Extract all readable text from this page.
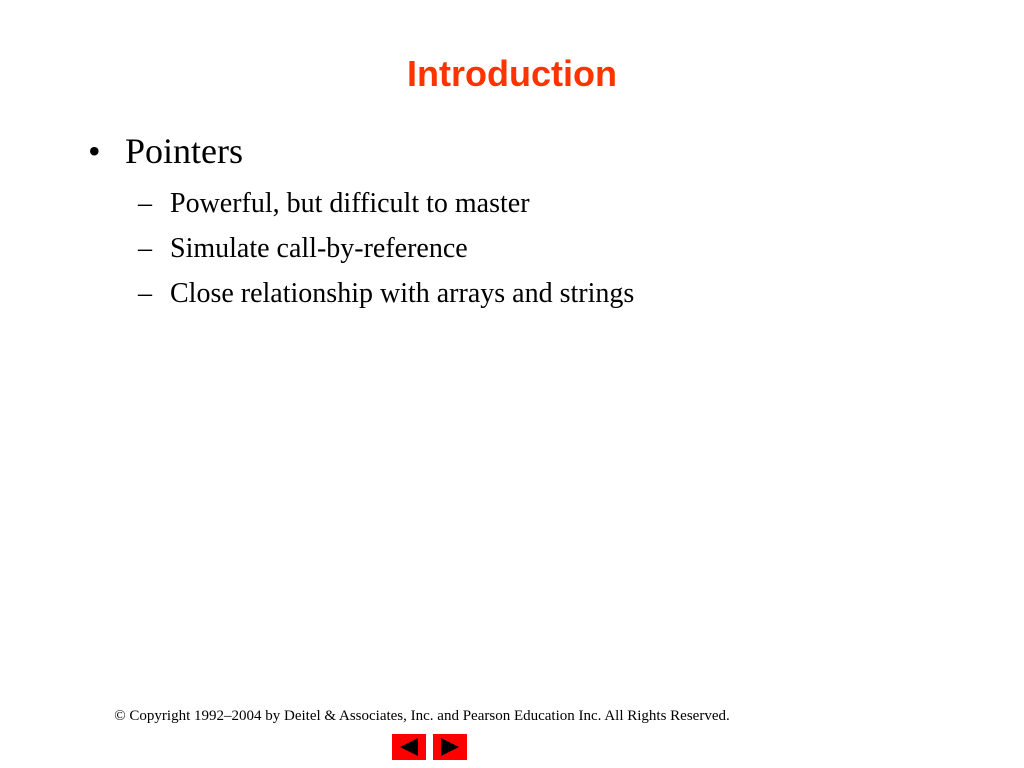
Introduction
• Pointers
– Powerful, but difficult to master
– Simulate call-by-reference
– Close relationship with arrays and strings
© Copyright 1992–2004 by Deitel & Associates, Inc. and Pearson Education Inc. All Rights Reserved.
